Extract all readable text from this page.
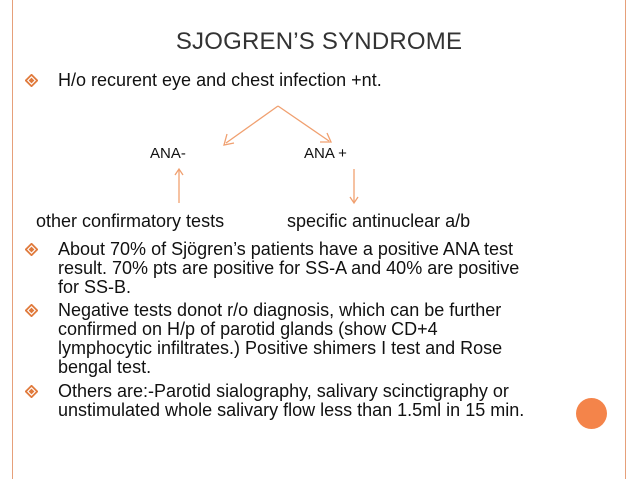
SJOGREN’S SYNDROME
H/o recurent eye and chest infection +nt.
ANA-	ANA +
other confirmatory tests	specific antinuclear a/b
About 70% of Sjögren’s patients have a positive ANA test
result. 70% pts are positive for SS-A and 40% are positive
for SS-B.
Negative tests donot r/o diagnosis, which can be further
confirmed on H/p of parotid glands (show CD+4
lymphocytic infiltrates.) Positive shimers I test and Rose
bengal test.
Others are:-Parotid sialography, salivary scinctigraphy or
unstimulated whole salivary flow less than 1.5ml in 15 min.
